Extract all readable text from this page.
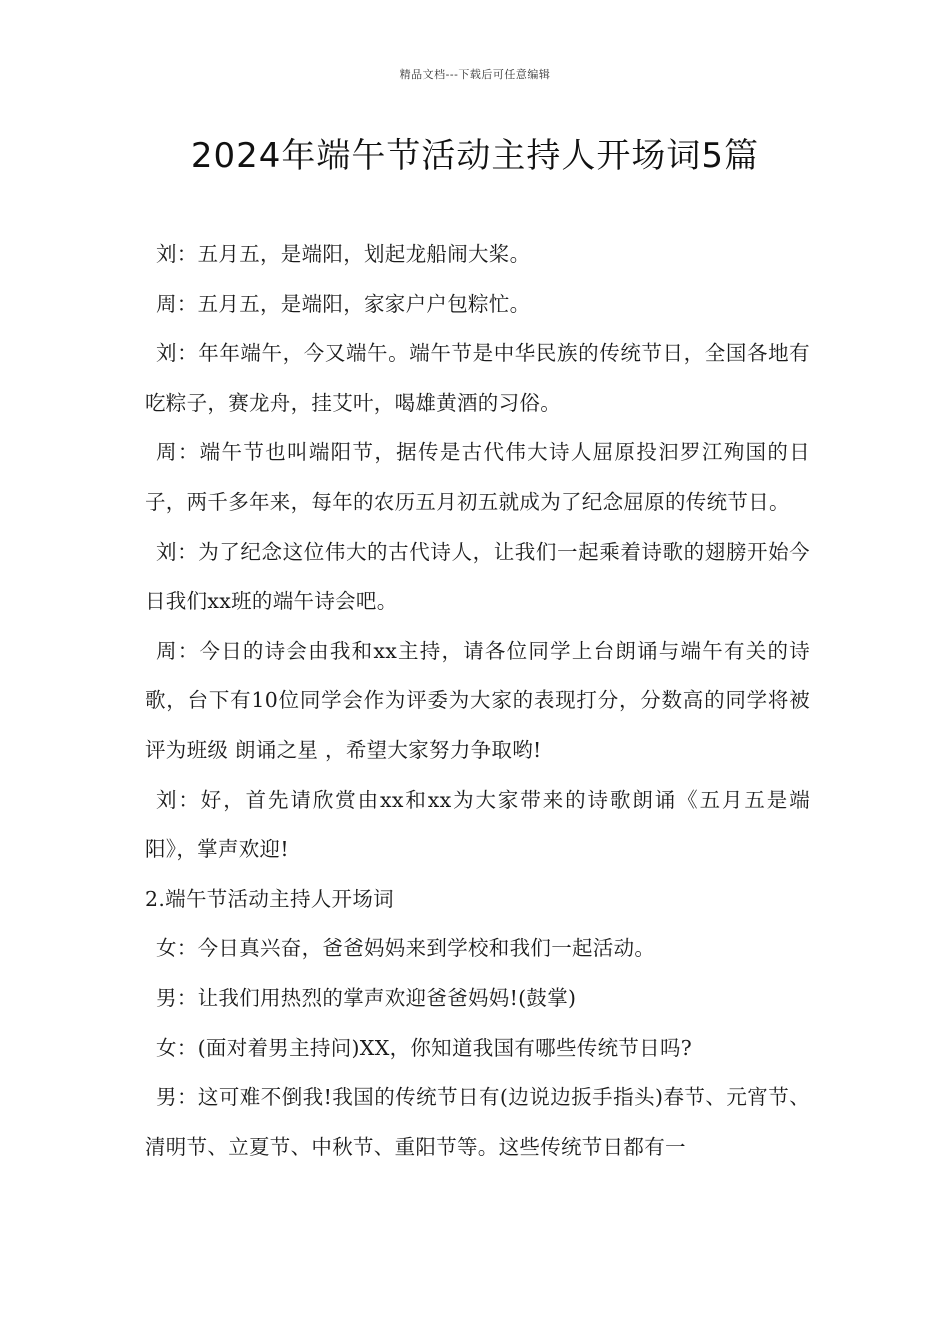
精品文档---下载后可任意编辑
2024年端午节活动主持人开场词5篇

刘：五月五，是端阳，划起龙船闹大桨。

周：五月五，是端阳，家家户户包粽忙。

刘：年年端午，今又端午。端午节是中华民族的传统节日，全国各地有吃粽子，赛龙舟，挂艾叶，喝雄黄酒的习俗。

周：端午节也叫端阳节，据传是古代伟大诗人屈原投汩罗江殉国的日子，两千多年来，每年的农历五月初五就成为了纪念屈原的传统节日。

刘：为了纪念这位伟大的古代诗人，让我们一起乘着诗歌的翅膀开始今日我们xx班的端午诗会吧。

周：今日的诗会由我和xx主持，请各位同学上台朗诵与端午有关的诗歌，台下有10位同学会作为评委为大家的表现打分，分数高的同学将被评为班级 朗诵之星 ，希望大家努力争取哟!

刘：好，首先请欣赏由xx和xx为大家带来的诗歌朗诵《五月五是端阳》，掌声欢迎!

2.端午节活动主持人开场词

女：今日真兴奋，爸爸妈妈来到学校和我们一起活动。

男：让我们用热烈的掌声欢迎爸爸妈妈!(鼓掌)

女：(面对着男主持问)XX，你知道我国有哪些传统节日吗?

男：这可难不倒我!我国的传统节日有(边说边扳手指头)春节、元宵节、清明节、立夏节、中秋节、重阳节等。这些传统节日都有一
